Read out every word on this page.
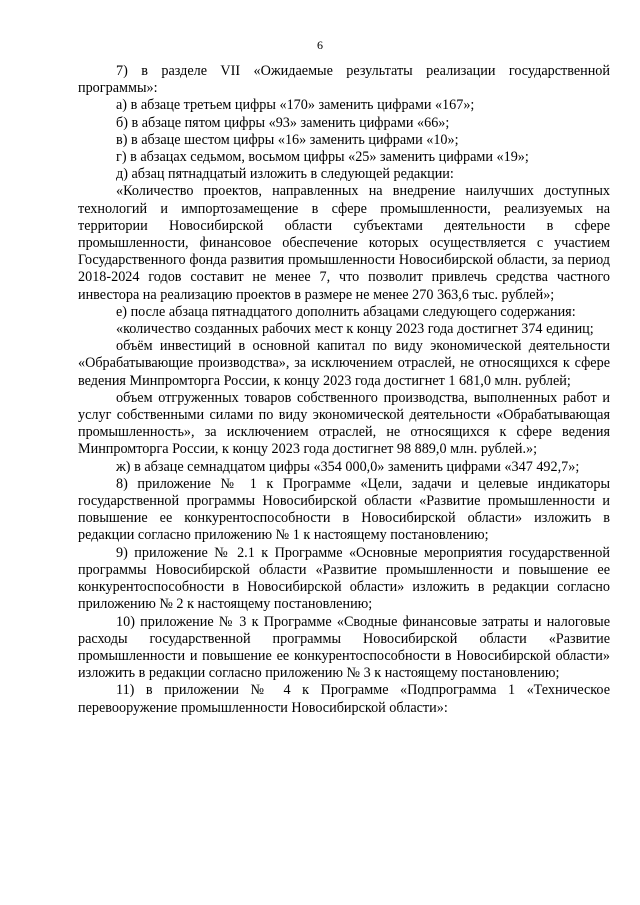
6

7) в разделе VII «Ожидаемые результаты реализации государственной программы»:

а) в абзаце третьем цифры «170» заменить цифрами «167»;

б) в абзаце пятом цифры «93» заменить цифрами «66»;

в) в абзаце шестом цифры «16» заменить цифрами «10»;

г) в абзацах седьмом, восьмом цифры «25» заменить цифрами «19»;

д) абзац пятнадцатый изложить в следующей редакции:

«Количество проектов, направленных на внедрение наилучших доступных технологий и импортозамещение в сфере промышленности, реализуемых на территории Новосибирской области субъектами деятельности в сфере промышленности, финансовое обеспечение которых осуществляется с участием Государственного фонда развития промышленности Новосибирской области, за период 2018-2024 годов составит не менее 7, что позволит привлечь средства частного инвестора на реализацию проектов в размере не менее 270 363,6 тыс. рублей»;

е) после абзаца пятнадцатого дополнить абзацами следующего содержания:

«количество созданных рабочих мест к концу 2023 года достигнет 374 единиц;

объём инвестиций в основной капитал по виду экономической деятельности «Обрабатывающие производства», за исключением отраслей, не относящихся к сфере ведения Минпромторга России, к концу 2023 года достигнет 1 681,0 млн. рублей;

объем отгруженных товаров собственного производства, выполненных работ и услуг собственными силами по виду экономической деятельности «Обрабатывающая промышленность», за исключением отраслей, не относящихся к сфере ведения Минпромторга России, к концу 2023 года достигнет 98 889,0 млн. рублей.»;

ж) в абзаце семнадцатом цифры «354 000,0» заменить цифрами «347 492,7»;

8) приложение № 1 к Программе «Цели, задачи и целевые индикаторы государственной программы Новосибирской области «Развитие промышленности и повышение ее конкурентоспособности в Новосибирской области» изложить в редакции согласно приложению № 1 к настоящему постановлению;

9) приложение № 2.1 к Программе «Основные мероприятия государственной программы Новосибирской области «Развитие промышленности и повышение ее конкурентоспособности в Новосибирской области» изложить в редакции согласно приложению № 2 к настоящему постановлению;

10) приложение № 3 к Программе «Сводные финансовые затраты и налоговые расходы государственной программы Новосибирской области «Развитие промышленности и повышение ее конкурентоспособности в Новосибирской области» изложить в редакции согласно приложению № 3 к настоящему постановлению;

11) в приложении № 4 к Программе «Подпрограмма 1 «Техническое перевооружение промышленности Новосибирской области»:
